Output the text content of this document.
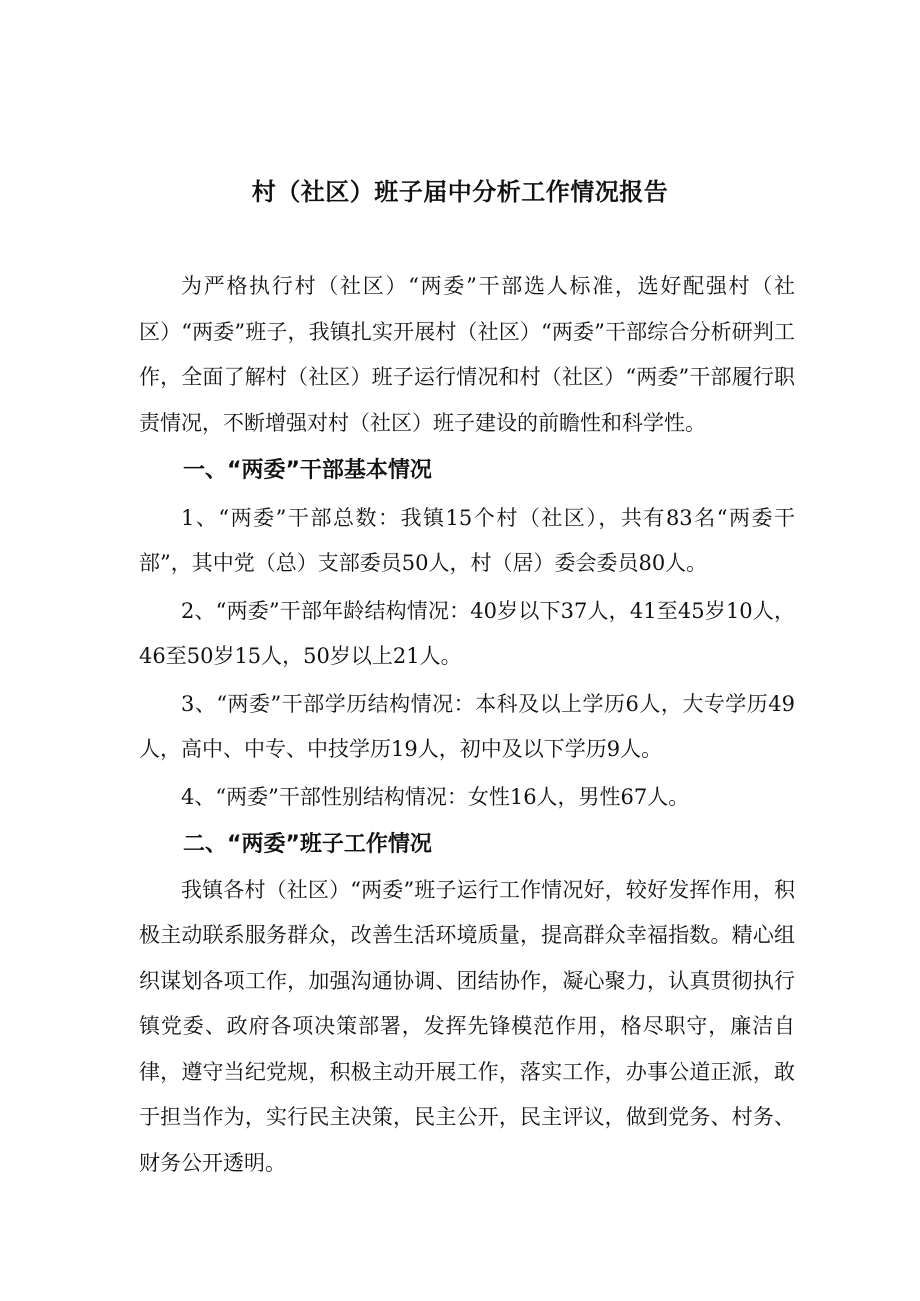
村（社区）班子届中分析工作情况报告

为严格执行村（社区）“两委”干部选人标准，选好配强村（社区）“两委”班子，我镇扎实开展村（社区）“两委”干部综合分析研判工作，全面了解村（社区）班子运行情况和村（社区）“两委”干部履行职责情况，不断增强对村（社区）班子建设的前瞻性和科学性。

一、“两委”干部基本情况

1、“两委”干部总数：我镇15个村（社区），共有83名“两委干部”，其中党（总）支部委员50人，村（居）委会委员80人。

2、“两委”干部年龄结构情况：40岁以下37人，41至45岁10人，46至50岁15人，50岁以上21人。

3、“两委”干部学历结构情况：本科及以上学历6人，大专学历49人，高中、中专、中技学历19人，初中及以下学历9人。

4、“两委”干部性别结构情况：女性16人，男性67人。

二、“两委”班子工作情况

我镇各村（社区）“两委”班子运行工作情况好，较好发挥作用，积极主动联系服务群众，改善生活环境质量，提高群众幸福指数。精心组织谋划各项工作，加强沟通协调、团结协作，凝心聚力，认真贯彻执行镇党委、政府各项决策部署，发挥先锋模范作用，格尽职守，廉洁自律，遵守当纪党规，积极主动开展工作，落实工作，办事公道正派，敢于担当作为，实行民主决策，民主公开，民主评议，做到党务、村务、财务公开透明。
